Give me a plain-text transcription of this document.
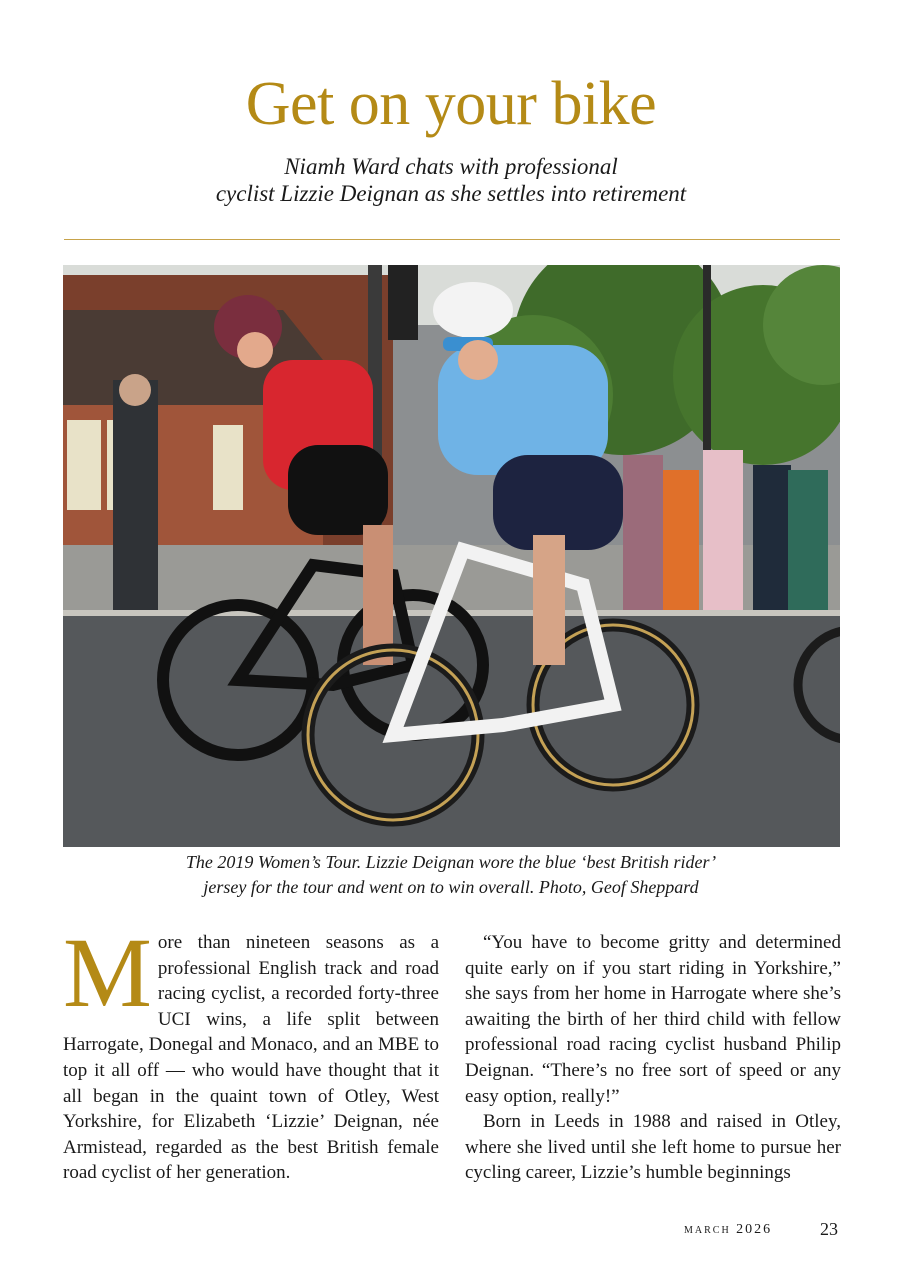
Get on your bike
Niamh Ward chats with professional
cyclist Lizzie Deignan as she settles into retirement
The 2019 Women’s Tour. Lizzie Deignan wore the blue ‘best British rider’
jersey for the tour and went on to win overall. Photo, Geof Sheppard
M ore than nineteen seasons as a professional English track and road racing cyclist, a recorded forty-three UCI wins, a life split between Harrogate, Donegal and Monaco, and an MBE to top it all off — who would have thought that it all began in the quaint town of Otley, West Yorkshire, for Elizabeth ‘Lizzie’ Deignan, née Armistead, regarded as the best British female road cyclist of her generation.

“You have to become gritty and determined quite early on if you start riding in Yorkshire,” she says from her home in Harrogate where she’s awaiting the birth of her third child with fellow professional road racing cyclist husband Philip Deignan. “There’s no free sort of speed or any easy option, really!”

Born in Leeds in 1988 and raised in Otley, where she lived until she left home to pursue her cycling career, Lizzie’s humble beginnings

march 2026	23
